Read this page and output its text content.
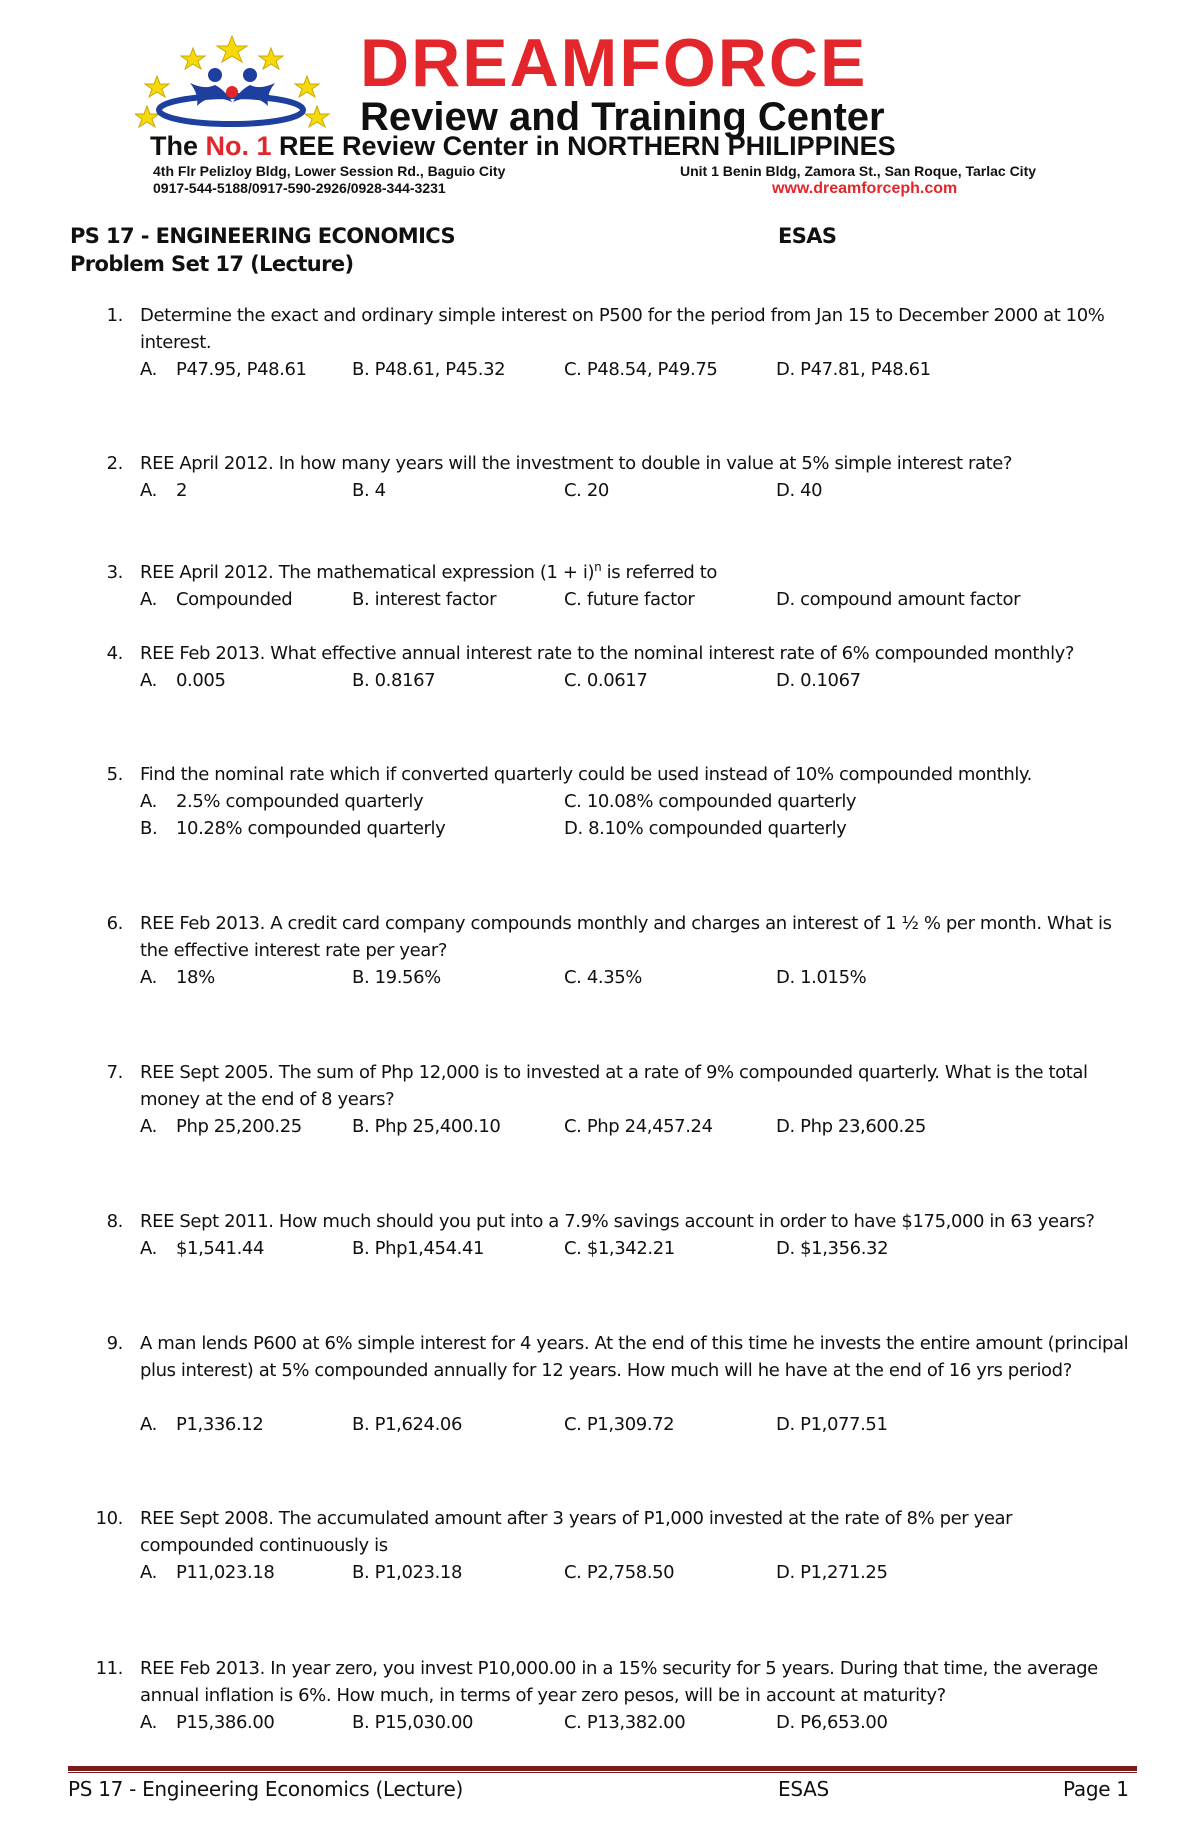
DREAMFORCE
Review and Training Center
The No. 1 REE Review Center in NORTHERN PHILIPPINES
4th Flr Pelizloy Bldg, Lower Session Rd., Baguio City
0917-544-5188/0917-590-2926/0928-344-3231
Unit 1 Benin Bldg, Zamora St., San Roque, Tarlac City
www.dreamforceph.com
PS 17 - ENGINEERING ECONOMICS	ESAS
Problem Set 17 (Lecture)
1. Determine the exact and ordinary simple interest on P500 for the period from Jan 15 to December 2000 at 10% interest.
A. P47.95, P48.61	B. P48.61, P45.32	C. P48.54, P49.75	D. P47.81, P48.61
2. REE April 2012. In how many years will the investment to double in value at 5% simple interest rate?
A. 2	B. 4	C. 20	D. 40
3. REE April 2012. The mathematical expression $(1 + i)^n$ is referred to
A. Compounded	B. interest factor	C. future factor	D. compound amount factor
4. REE Feb 2013. What effective annual interest rate to the nominal interest rate of 6% compounded monthly?
A. 0.005	B. 0.8167	C. 0.0617	D. 0.1067
5. Find the nominal rate which if converted quarterly could be used instead of 10% compounded monthly.
A. 2.5% compounded quarterly	C. 10.08% compounded quarterly
B. 10.28% compounded quarterly	D. 8.10% compounded quarterly
6. REE Feb 2013. A credit card company compounds monthly and charges an interest of 1 ½ % per month. What is the effective interest rate per year?
A. 18%	B. 19.56%	C. 4.35%	D. 1.015%
7. REE Sept 2005. The sum of Php 12,000 is to invested at a rate of 9% compounded quarterly. What is the total money at the end of 8 years?
A. Php 25,200.25	B. Php 25,400.10	C. Php 24,457.24	D. Php 23,600.25
8. REE Sept 2011. How much should you put into a 7.9% savings account in order to have $175,000 in 63 years?
A. $1,541.44	B. Php1,454.41	C. $1,342.21	D. $1,356.32
9. A man lends P600 at 6% simple interest for 4 years. At the end of this time he invests the entire amount (principal plus interest) at 5% compounded annually for 12 years. How much will he have at the end of 16 yrs period?
A. P1,336.12	B. P1,624.06	C. P1,309.72	D. P1,077.51
10. REE Sept 2008. The accumulated amount after 3 years of P1,000 invested at the rate of 8% per year compounded continuously is
A. P11,023.18	B. P1,023.18	C. P2,758.50	D. P1,271.25
11. REE Feb 2013. In year zero, you invest P10,000.00 in a 15% security for 5 years. During that time, the average annual inflation is 6%. How much, in terms of year zero pesos, will be in account at maturity?
A. P15,386.00	B. P15,030.00	C. P13,382.00	D. P6,653.00
PS 17 - Engineering Economics (Lecture)	ESAS	Page 1
